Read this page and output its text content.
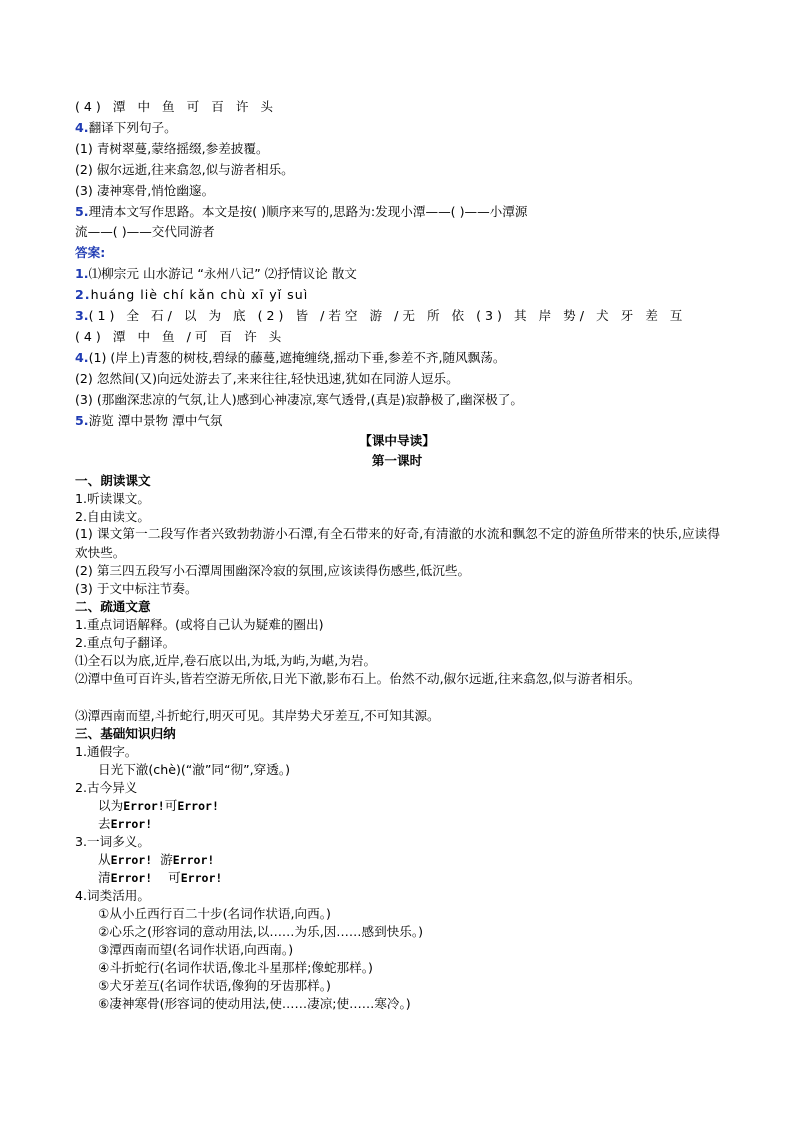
(4) 潭 中 鱼 可 百 许 头
4.翻译下列句子。
(1) 青树翠蔓,蒙络摇缀,参差披覆。
(2) 俶尔远逝,往来翕忽,似与游者相乐。
(3) 凄神寒骨,悄怆幽邃。
5.理清本文写作思路。本文是按( )顺序来写的,思路为:发现小潭——( )——小潭源
流——( )——交代同游者
答案:
1.⑴柳宗元 山水游记 “永州八记” ⑵抒情议论 散文
2.huáng liè chí kǎn chù xī yǐ suì
3.(1) 全 石/ 以 为 底 (2) 皆 /若空 游 /无 所 依 (3) 其 岸 势/ 犬 牙 差 互
(4) 潭 中 鱼 /可 百 许 头
4.(1) (岸上)青葱的树枝,碧绿的藤蔓,遮掩缠绕,摇动下垂,参差不齐,随风飘荡。
(2) 忽然间(又)向远处游去了,来来往往,轻快迅速,犹如在同游人逗乐。
(3) (那幽深悲凉的气氛,让人)感到心神凄凉,寒气透骨,(真是)寂静极了,幽深极了。
5.游览 潭中景物 潭中气氛
【课中导读】
第一课时
一、朗读课文
1.听读课文。
2.自由读文。
(1) 课文第一二段写作者兴致勃勃游小石潭,有全石带来的好奇,有清澈的水流和飘忽不定的游鱼所带来的快乐,应读得欢快些。
(2) 第三四五段写小石潭周围幽深冷寂的氛围,应该读得伤感些,低沉些。
(3) 于文中标注节奏。
二、疏通文意
1.重点词语解释。(或将自己认为疑难的圈出)
2.重点句子翻译。
⑴全石以为底,近岸,卷石底以出,为坻,为屿,为嵁,为岩。
⑵潭中鱼可百许头,皆若空游无所依,日光下澈,影布石上。佁然不动,俶尔远逝,往来翕忽,似与游者相乐。
⑶潭西南而望,斗折蛇行,明灭可见。其岸势犬牙差互,不可知其源。
三、基础知识归纳
1.通假字。
日光下澈(chè)(“澈”同“彻”,穿透。)
2.古今异义
以为Error!可Error!
去Error!
3.一词多义。
从Error!  游Error!
清Error!    可Error!
4.词类活用。
①从小丘西行百二十步(名词作状语,向西。)
②心乐之(形容词的意动用法,以……为乐,因……感到快乐。)
③潭西南而望(名词作状语,向西南。)
④斗折蛇行(名词作状语,像北斗星那样;像蛇那样。)
⑤犬牙差互(名词作状语,像狗的牙齿那样。)
⑥凄神寒骨(形容词的使动用法,使……凄凉;使……寒冷。)
